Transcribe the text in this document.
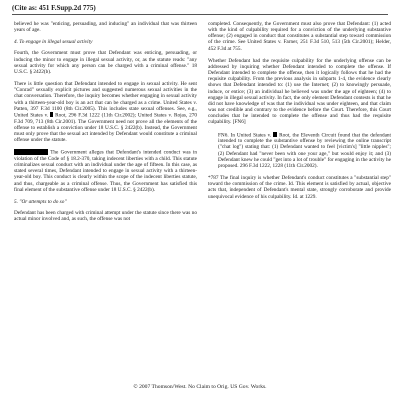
(Cite as: 451 F.Supp.2d 775)

believed he was "enticing, persuading, and inducing" an individual that was thirteen years of age.

4. To engage in illegal sexual activity

Fourth, the Government must prove that Defendant was enticing, persuading, or inducing the minor to engage in illegal sexual activity, or, as the statute reads: "any sexual activity for which any person can be charged with a criminal offense." 18 U.S.C. § 2422(b).

There is little question that Defendant intended to engage in sexual activity. He sent "Conrad" sexually explicit pictures and suggested numerous sexual activities in the chat conversation. Therefore, the inquiry becomes whether engaging in sexual activity with a thirteen-year-old boy is an act that can be charged as a crime. United States v. Patten, 397 F.3d 1100 (8th Cir.2005). This includes state sexual offenses. See, e.g., United States v. Root, 296 F.3d 1222 (11th Cir.2002); United States v. Rojas, 270 F.3d 709, 713 (8th Cir.2001). The Government need not prove all the elements of the offense to establish a conviction under 18 U.S.C. § 2422(b). Instead, the Government must only prove that the sexual act intended by Defendant would constitute a criminal offense under the statute.

The Government alleges that Defendant's intended conduct was in violation of the Code of § 18.2-370, taking indecent liberties with a child. This statute criminalizes sexual conduct with an individual under the age of fifteen. In this case, as stated several times, Defendant intended to engage in sexual activity with a thirteen-year-old boy. This conduct is clearly within the scope of the indecent liberties statute, and thus, chargeable as a criminal offense. Thus, the Government has satisfied this final element of the substantive offense under 18 U.S.C. § 2422(b).

5. "Or attempts to do so"

Defendant has been charged with criminal attempt under the statute since there was no actual minor involved and, as such, the offense was not

completed. Consequently, the Government must also prove that Defendant: (1) acted with the kind of culpability required for a conviction of the underlying substantive offense; (2) engaged in conduct that constitutes a substantial step toward commission of the crime. See United States v. Farner, 251 F.3d 510, 513 (5th Cir.2001); Helder, 452 F.3d at 755.

Whether Defendant had the requisite culpability for the underlying offense can be addressed by inquiring whether Defendant intended to complete the offense. If Defendant intended to complete the offense, then it logically follows that he had the requisite culpability. From the previous analysis in subparts 1-4, the evidence clearly shows that Defendant intended to: (1) use the Internet; (2) to knowingly persuade, induce, or entice; (3) an individual he believed was under the age of eighteen; (4) to engage in illegal sexual activity. In fact, the only element Defendant contests is that he did not have knowledge of was that the individual was under eighteen, and that claim was not credible and contrary to the evidence before the Court. Therefore, this Court concludes that he intended to complete the offense and thus had the requisite culpability. [FN6]

FN6. In United States v. Root, the Eleventh Circuit found that the defendant intended to complete the substantive offense by reviewing the online transcript ("chat log") stating that: (1) Defendant wanted to feel [victim's] "little nipples"; (2) Defendant had "never been with one your age," but would enjoy it; and (3) Defendant knew he could "get into a lot of trouble" for engaging in the activity he proposed. 296 F.3d 1222, 1228 (11th Cir.2002).

*787 The final inquiry is whether Defendant's conduct constitutes a "substantial step" toward the commission of the crime. Id. This element is satisfied by actual, objective acts that, independent of Defendant's mental state, strongly corroborate and provide unequivocal evidence of his culpability. Id. at 1229.

© 2007 Thomson/West. No Claim to Orig. US Gov. Works.
